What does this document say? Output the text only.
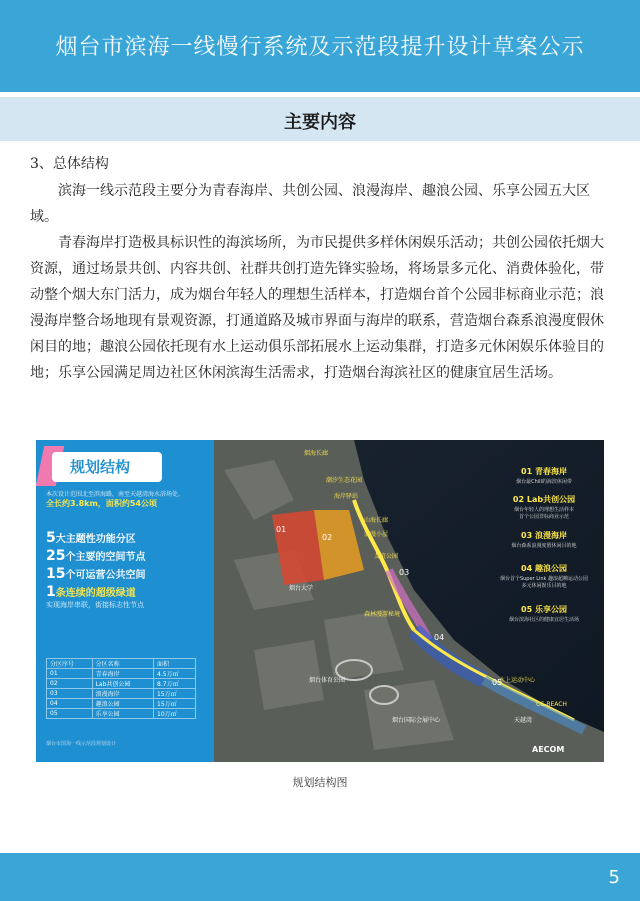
烟台市滨海一线慢行系统及示范段提升设计草案公示
主要内容
3、总体结构
滨海一线示范段主要分为青春海岸、共创公园、浪漫海岸、趣浪公园、乐享公园五大区域。
青春海岸打造极具标识性的海滨场所，为市民提供多样休闲娱乐活动；共创公园依托烟大资源，通过场景共创、内容共创、社群共创打造先锋实验场，将场景多元化、消费体验化，带动整个烟大东门活力，成为烟台年轻人的理想生活样本，打造烟台首个公园非标商业示范；浪漫海岸整合场地现有景观资源，打通道路及城市界面与海岸的联系，营造烟台森系浪漫度假休闲目的地；趣浪公园依托现有水上运动俱乐部拓展水上运动集群，打造多元休闲娱乐体验目的地；乐享公园满足周边社区休闲滨海生活需求，打造烟台海滨社区的健康宜居生活场。
规划结构
本次设计范围北至滨海路，南至天越湾海水浴场处，
全长约3.8km，面积约54公顷
5大主题性功能分区
25个主要的空间节点
15个可运营公共空间
1条连续的超级绿道
实现海岸串联，街接标志性节点
分区序号	分区名称	面积
01	青春海岸	4.5万㎡
02	Lab共创公园	8.7万㎡
03	浪漫海岸	15万㎡
04	趣浪公园	15万㎡
05	乐享公园	10万㎡
烟台市滨海一线示范段规划设计
01
02
03
04
05
烟海长廊
潮汐生态花园
海岸驿站
烟台大学
山海长廊
浪漫小屋
友谊公园
烟台体育公园
森林漫游秘境
烟台国际会展中心
水上运动中心
天越湾
CC-BEACH
01 青春海岸
烟台最Chill的海滨休闲带
02 Lab共创公园
烟台年轻人的理想生活样本
首个公园非标商业示范
03 浪漫海岸
烟台森系浪漫度假休闲目的地
04 趣浪公园
烟台首个Super Link 趣浪超嗨运动公园
多元休闲娱乐目的地
05 乐享公园
烟台滨海社区的健康宜居生活场
AECOM
规划结构图
5
